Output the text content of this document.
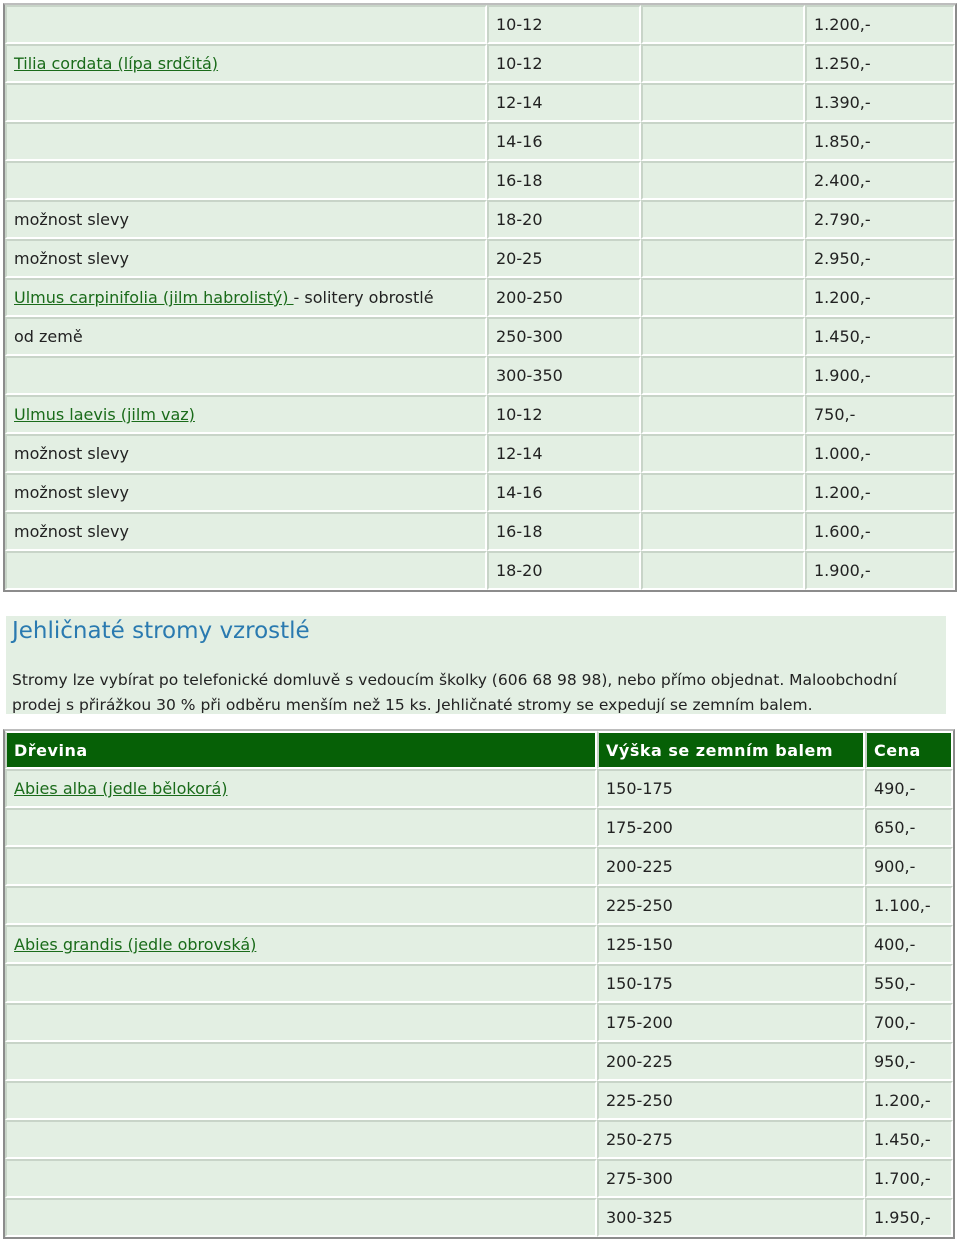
	10-12		1.200,-
Tilia cordata (lípa srdčitá)	10-12		1.250,-
	12-14		1.390,-
	14-16		1.850,-
	16-18		2.400,-
možnost slevy	18-20		2.790,-
možnost slevy	20-25		2.950,-
Ulmus carpinifolia (jilm habrolistý) - solitery obrostlé	200-250		1.200,-
od země	250-300		1.450,-
	300-350		1.900,-
Ulmus laevis (jilm vaz)	10-12		750,-
možnost slevy	12-14		1.000,-
možnost slevy	14-16		1.200,-
možnost slevy	16-18		1.600,-
	18-20		1.900,-
Jehličnaté stromy vzrostlé

Stromy lze vybírat po telefonické domluvě s vedoucím školky (606 68 98 98), nebo přímo objednat. Maloobchodní prodej s přirážkou 30 % při odběru menším než 15 ks. Jehličnaté stromy se expedují se zemním balem.

Dřevina	Výška se zemním balem	Cena
Abies alba (jedle bělokorá)	150-175	490,-
	175-200	650,-
	200-225	900,-
	225-250	1.100,-
Abies grandis (jedle obrovská)	125-150	400,-
	150-175	550,-
	175-200	700,-
	200-225	950,-
	225-250	1.200,-
	250-275	1.450,-
	275-300	1.700,-
	300-325	1.950,-
